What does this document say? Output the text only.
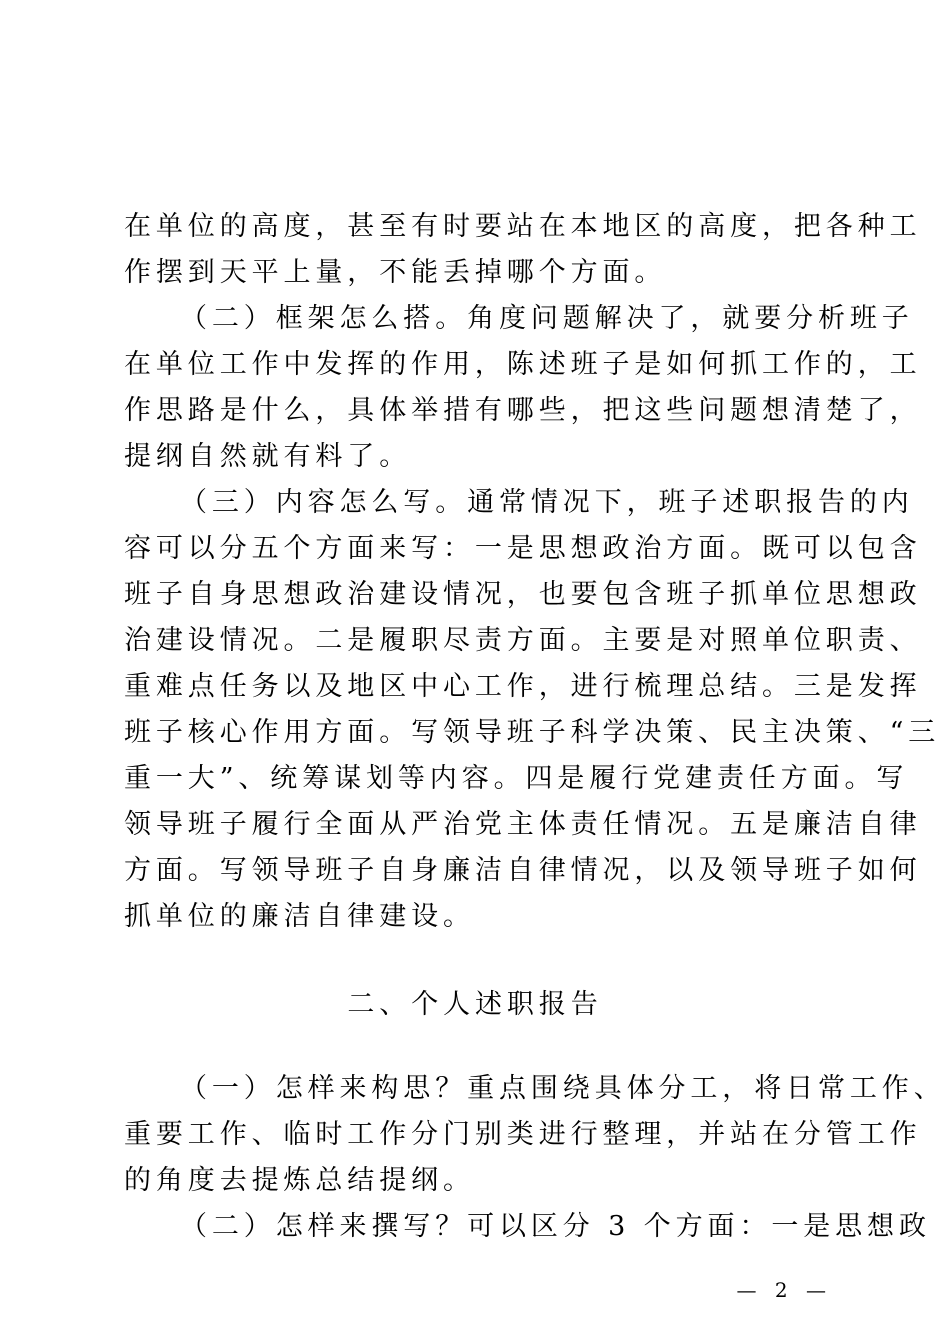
在单位的高度，甚至有时要站在本地区的高度，把各种工
作摆到天平上量，不能丢掉哪个方面。
（二）框架怎么搭。角度问题解决了，就要分析班子
在单位工作中发挥的作用，陈述班子是如何抓工作的，工
作思路是什么，具体举措有哪些，把这些问题想清楚了，
提纲自然就有料了。
（三）内容怎么写。通常情况下，班子述职报告的内
容可以分五个方面来写：一是思想政治方面。既可以包含
班子自身思想政治建设情况，也要包含班子抓单位思想政
治建设情况。二是履职尽责方面。主要是对照单位职责、
重难点任务以及地区中心工作，进行梳理总结。三是发挥
班子核心作用方面。写领导班子科学决策、民主决策、“三
重一大”、统筹谋划等内容。四是履行党建责任方面。写
领导班子履行全面从严治党主体责任情况。五是廉洁自律
方面。写领导班子自身廉洁自律情况，以及领导班子如何
抓单位的廉洁自律建设。
二、个人述职报告
（一）怎样来构思？重点围绕具体分工，将日常工作、
重要工作、临时工作分门别类进行整理，并站在分管工作
的角度去提炼总结提纲。
（二）怎样来撰写？可以区分 3 个方面：一是思想政
— 2 —
